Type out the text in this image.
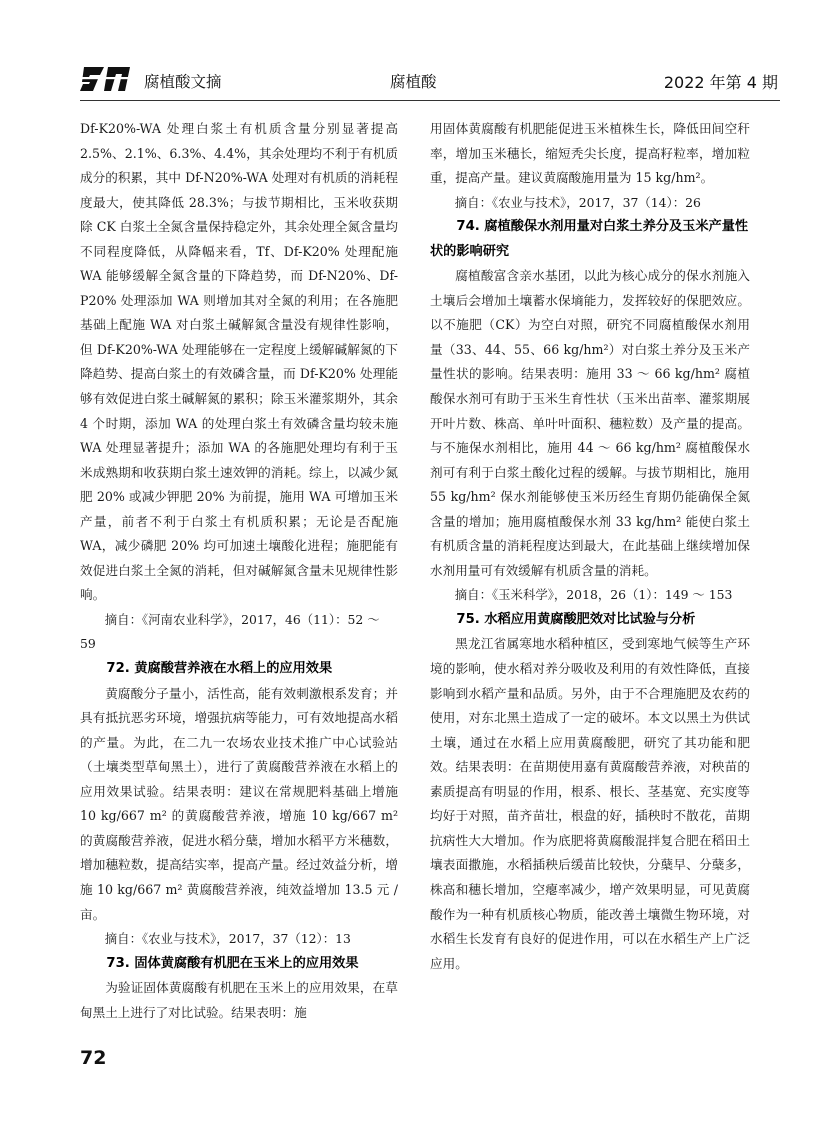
腐植酸文摘	腐植酸	2022 年第 4 期

Df-K20%-WA 处理白浆土有机质含量分别显著提高 2.5%、2.1%、6.3%、4.4%，其余处理均不利于有机质成分的积累，其中 Df-N20%-WA 处理对有机质的消耗程度最大，使其降低 28.3%；与拔节期相比，玉米收获期除 CK 白浆土全氮含量保持稳定外，其余处理全氮含量均不同程度降低，从降幅来看，Tf、Df-K20% 处理配施 WA 能够缓解全氮含量的下降趋势，而 Df-N20%、Df-P20% 处理添加 WA 则增加其对全氮的利用；在各施肥基础上配施 WA 对白浆土碱解氮含量没有规律性影响，但 Df-K20%-WA 处理能够在一定程度上缓解碱解氮的下降趋势、提高白浆土的有效磷含量，而 Df-K20% 处理能够有效促进白浆土碱解氮的累积；除玉米灌浆期外，其余 4 个时期，添加 WA 的处理白浆土有效磷含量均较未施 WA 处理显著提升；添加 WA 的各施肥处理均有利于玉米成熟期和收获期白浆土速效钾的消耗。综上，以减少氮肥 20% 或减少钾肥 20% 为前提，施用 WA 可增加玉米产量，前者不利于白浆土有机质积累；无论是否配施 WA，减少磷肥 20% 均可加速土壤酸化进程；施肥能有效促进白浆土全氮的消耗，但对碱解氮含量未见规律性影响。

摘自：《河南农业科学》，2017，46（11）：52 ～ 59

72. 黄腐酸营养液在水稻上的应用效果

黄腐酸分子量小，活性高，能有效刺激根系发育；并具有抵抗恶劣环境，增强抗病等能力，可有效地提高水稻的产量。为此，在二九一农场农业技术推广中心试验站（土壤类型草甸黑土），进行了黄腐酸营养液在水稻上的应用效果试验。结果表明：建议在常规肥料基础上增施 10 kg/667 m² 的黄腐酸营养液，增施 10 kg/667 m² 的黄腐酸营养液，促进水稻分蘖，增加水稻平方米穗数，增加穗粒数，提高结实率，提高产量。经过效益分析，增施 10 kg/667 m² 黄腐酸营养液，纯效益增加 13.5 元 / 亩。

摘自：《农业与技术》，2017，37（12）：13

73. 固体黄腐酸有机肥在玉米上的应用效果

为验证固体黄腐酸有机肥在玉米上的应用效果，在草甸黑土上进行了对比试验。结果表明：施

用固体黄腐酸有机肥能促进玉米植株生长，降低田间空秆率，增加玉米穗长，缩短秃尖长度，提高籽粒率，增加粒重，提高产量。建议黄腐酸施用量为 15 kg/hm²。

摘自：《农业与技术》，2017，37（14）：26

74. 腐植酸保水剂用量对白浆土养分及玉米产量性状的影响研究

腐植酸富含亲水基团，以此为核心成分的保水剂施入土壤后会增加土壤蓄水保墒能力，发挥较好的保肥效应。以不施肥（CK）为空白对照，研究不同腐植酸保水剂用量（33、44、55、66 kg/hm²）对白浆土养分及玉米产量性状的影响。结果表明：施用 33 ～ 66 kg/hm² 腐植酸保水剂可有助于玉米生育性状（玉米出苗率、灌浆期展开叶片数、株高、单叶叶面积、穗粒数）及产量的提高。与不施保水剂相比，施用 44 ～ 66 kg/hm² 腐植酸保水剂可有利于白浆土酸化过程的缓解。与拔节期相比，施用 55 kg/hm² 保水剂能够使玉米历经生育期仍能确保全氮含量的增加；施用腐植酸保水剂 33 kg/hm² 能使白浆土有机质含量的消耗程度达到最大，在此基础上继续增加保水剂用量可有效缓解有机质含量的消耗。

摘自：《玉米科学》，2018，26（1）：149 ～ 153

75. 水稻应用黄腐酸肥效对比试验与分析

黑龙江省属寒地水稻种植区，受到寒地气候等生产环境的影响，使水稻对养分吸收及利用的有效性降低，直接影响到水稻产量和品质。另外，由于不合理施肥及农药的使用，对东北黑土造成了一定的破坏。本文以黑土为供试土壤，通过在水稻上应用黄腐酸肥，研究了其功能和肥效。结果表明：在苗期使用嘉有黄腐酸营养液，对秧苗的素质提高有明显的作用，根系、根长、茎基宽、充实度等均好于对照，苗齐苗壮，根盘的好，插秧时不散花，苗期抗病性大大增加。作为底肥将黄腐酸混拌复合肥在稻田土壤表面撒施，水稻插秧后缓苗比较快，分蘖早、分蘖多，株高和穗长增加，空瘪率减少，增产效果明显，可见黄腐酸作为一种有机质核心物质，能改善土壤微生物环境，对水稻生长发育有良好的促进作用，可以在水稻生产上广泛应用。

72
